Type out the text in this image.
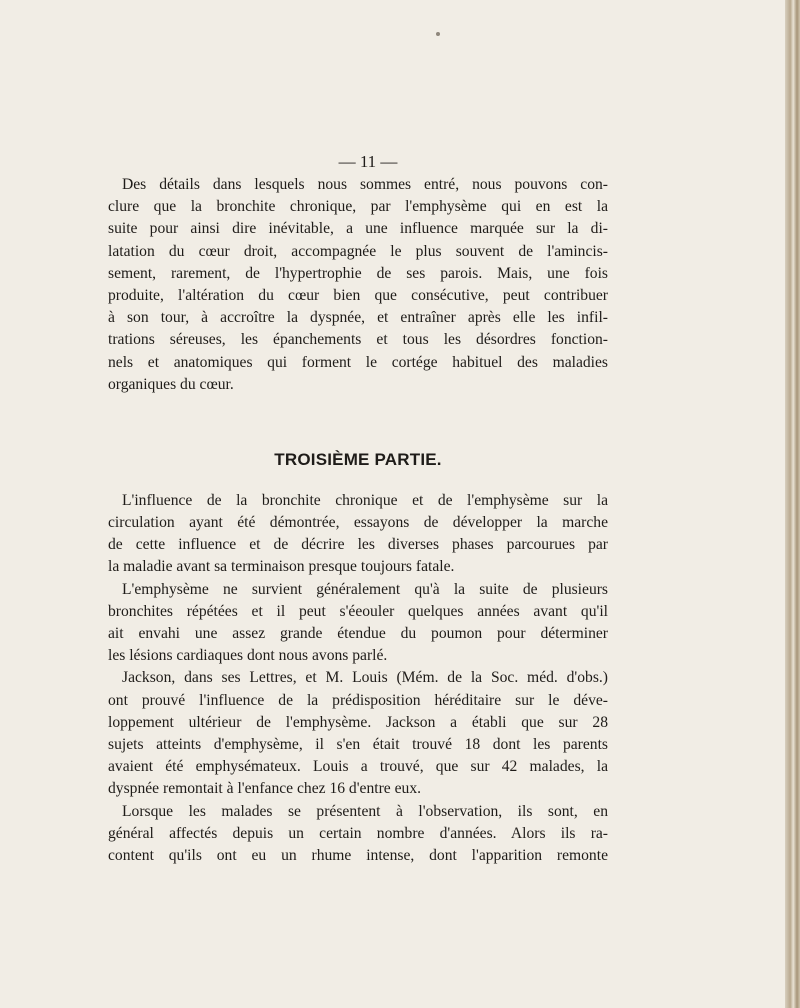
— 11 —
Des détails dans lesquels nous sommes entré, nous pouvons con-
clure que la bronchite chronique, par l'emphysème qui en est la
suite pour ainsi dire inévitable, a une influence marquée sur la di-
latation du cœur droit, accompagnée le plus souvent de l'amincis-
sement, rarement, de l'hypertrophie de ses parois. Mais, une fois
produite, l'altération du cœur bien que consécutive, peut contribuer
à son tour, à accroître la dyspnée, et entraîner après elle les infil-
trations séreuses, les épanchements et tous les désordres fonction-
nels et anatomiques qui forment le cortége habituel des maladies
organiques du cœur.
TROISIÈME PARTIE.
L'influence de la bronchite chronique et de l'emphysème sur la
circulation ayant été démontrée, essayons de développer la marche
de cette influence et de décrire les diverses phases parcourues par
la maladie avant sa terminaison presque toujours fatale.
L'emphysème ne survient généralement qu'à la suite de plusieurs
bronchites répétées et il peut s'éeouler quelques années avant qu'il
ait envahi une assez grande étendue du poumon pour déterminer
les lésions cardiaques dont nous avons parlé.
Jackson, dans ses Lettres, et M. Louis (Mém. de la Soc. méd. d'obs.)
ont prouvé l'influence de la prédisposition héréditaire sur le déve-
loppement ultérieur de l'emphysème. Jackson a établi que sur 28
sujets atteints d'emphysème, il s'en était trouvé 18 dont les parents
avaient été emphysémateux. Louis a trouvé, que sur 42 malades, la
dyspnée remontait à l'enfance chez 16 d'entre eux.
Lorsque les malades se présentent à l'observation, ils sont, en
général affectés depuis un certain nombre d'années. Alors ils ra-
content qu'ils ont eu un rhume intense, dont l'apparition remonte
